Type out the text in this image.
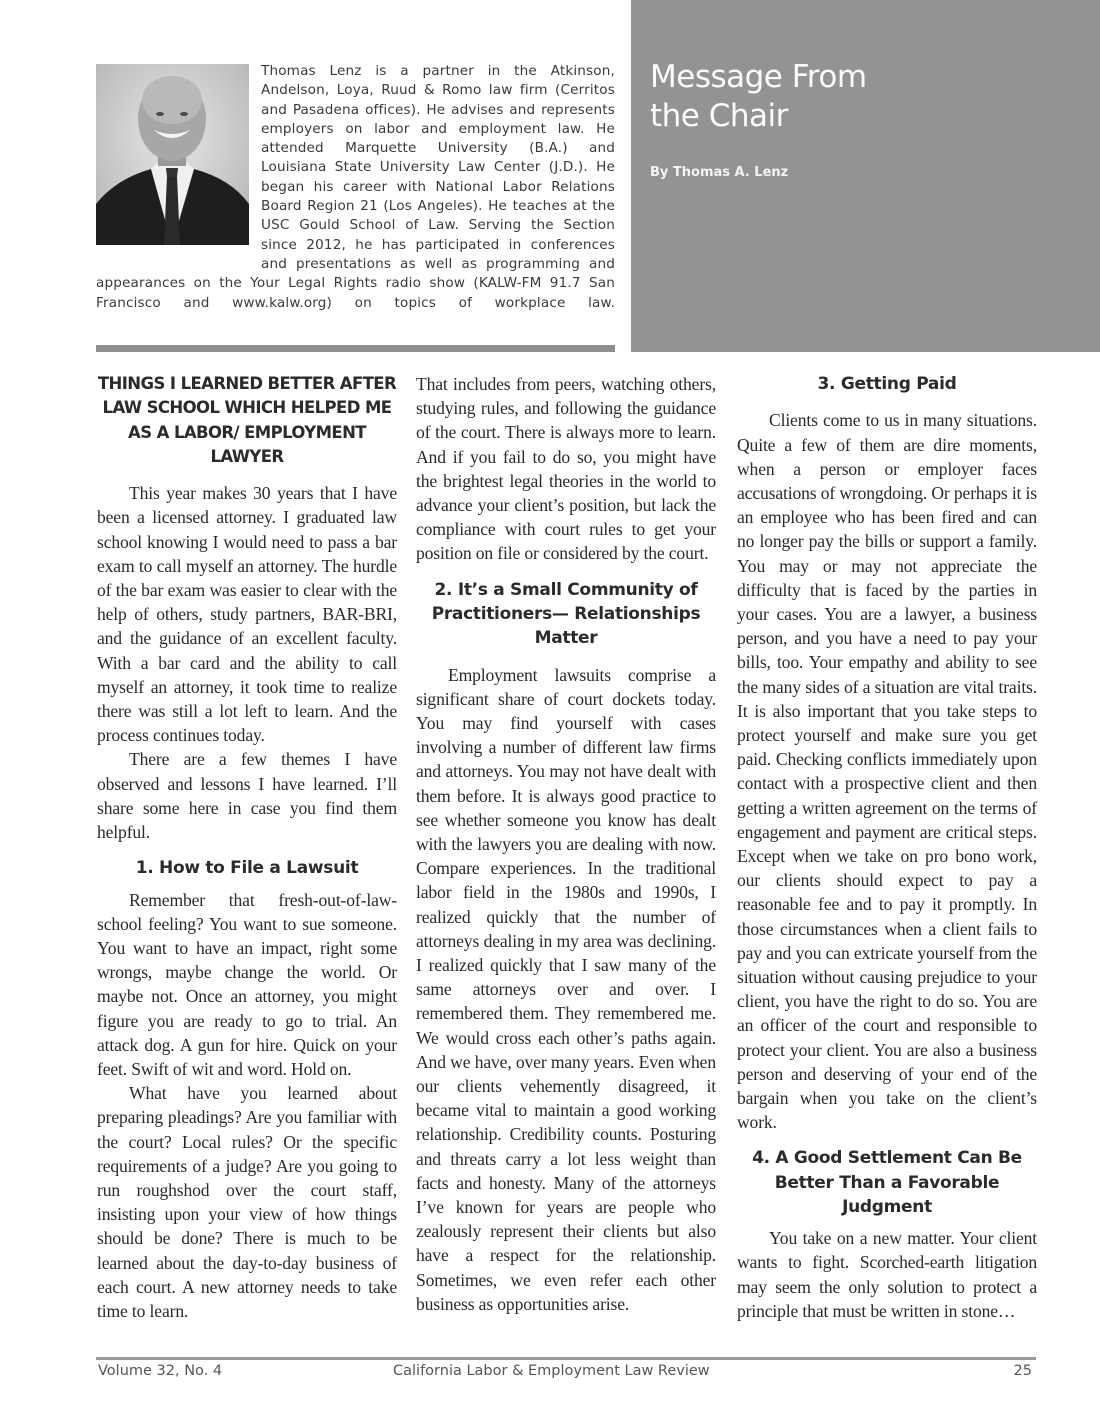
Message From
the Chair
By Thomas A. Lenz
Thomas Lenz is a partner in the Atkinson, Andelson, Loya, Ruud & Romo law firm (Cerritos and Pasadena offices). He advises and represents employers on labor and employment law. He attended Marquette University (B.A.) and Louisiana State University Law Center (J.D.). He began his career with National Labor Relations Board Region 21 (Los Angeles). He teaches at the USC Gould School of Law. Serving the Section since 2012, he has participated in conferences and presentations as well as programming and appearances on the Your Legal Rights radio show (KALW-FM 91.7 San Francisco and www.kalw.org) on topics of workplace law.
THINGS I LEARNED BETTER AFTER LAW SCHOOL WHICH HELPED ME AS A LABOR/ EMPLOYMENT LAWYER

This year makes 30 years that I have been a licensed attorney. I graduated law school knowing I would need to pass a bar exam to call myself an attorney. The hurdle of the bar exam was easier to clear with the help of others, study partners, BAR-BRI, and the guidance of an excellent faculty. With a bar card and the ability to call myself an attorney, it took time to realize there was still a lot left to learn. And the process continues today.

There are a few themes I have observed and lessons I have learned. I’ll share some here in case you find them helpful.

1. How to File a Lawsuit

Remember that fresh-out-of-law-school feeling? You want to sue someone. You want to have an impact, right some wrongs, maybe change the world. Or maybe not. Once an attorney, you might figure you are ready to go to trial. An attack dog. A gun for hire. Quick on your feet. Swift of wit and word. Hold on.

What have you learned about preparing pleadings? Are you familiar with the court? Local rules? Or the specific requirements of a judge? Are you going to run roughshod over the court staff, insisting upon your view of how things should be done? There is much to be learned about the day-to-day business of each court. A new attorney needs to take time to learn.

That includes from peers, watching others, studying rules, and following the guidance of the court. There is always more to learn. And if you fail to do so, you might have the brightest legal theories in the world to advance your client’s position, but lack the compliance with court rules to get your position on file or considered by the court.

2. It’s a Small Community of Practitioners— Relationships Matter

Employment lawsuits comprise a significant share of court dockets today. You may find yourself with cases involving a number of different law firms and attorneys. You may not have dealt with them before. It is always good practice to see whether someone you know has dealt with the lawyers you are dealing with now. Compare experiences. In the traditional labor field in the 1980s and 1990s, I realized quickly that the number of attorneys dealing in my area was declining. I realized quickly that I saw many of the same attorneys over and over. I remembered them. They remembered me. We would cross each other’s paths again. And we have, over many years. Even when our clients vehemently disagreed, it became vital to maintain a good working relationship. Credibility counts. Posturing and threats carry a lot less weight than facts and honesty. Many of the attorneys I’ve known for years are people who zealously represent their clients but also have a respect for the relationship. Sometimes, we even refer each other business as opportunities arise.

3. Getting Paid

Clients come to us in many situations. Quite a few of them are dire moments, when a person or employer faces accusations of wrongdoing. Or perhaps it is an employee who has been fired and can no longer pay the bills or support a family. You may or may not appreciate the difficulty that is faced by the parties in your cases. You are a lawyer, a business person, and you have a need to pay your bills, too. Your empathy and ability to see the many sides of a situation are vital traits. It is also important that you take steps to protect yourself and make sure you get paid. Checking conflicts immediately upon contact with a prospective client and then getting a written agreement on the terms of engagement and payment are critical steps. Except when we take on pro bono work, our clients should expect to pay a reasonable fee and to pay it promptly. In those circumstances when a client fails to pay and you can extricate yourself from the situation without causing prejudice to your client, you have the right to do so. You are an officer of the court and responsible to protect your client. You are also a business person and deserving of your end of the bargain when you take on the client’s work.

4. A Good Settlement Can Be Better Than a Favorable Judgment

You take on a new matter. Your client wants to fight. Scorched-earth litigation may seem the only solution to protect a principle that must be written in stone…

Volume 32, No. 4	California Labor & Employment Law Review	25
